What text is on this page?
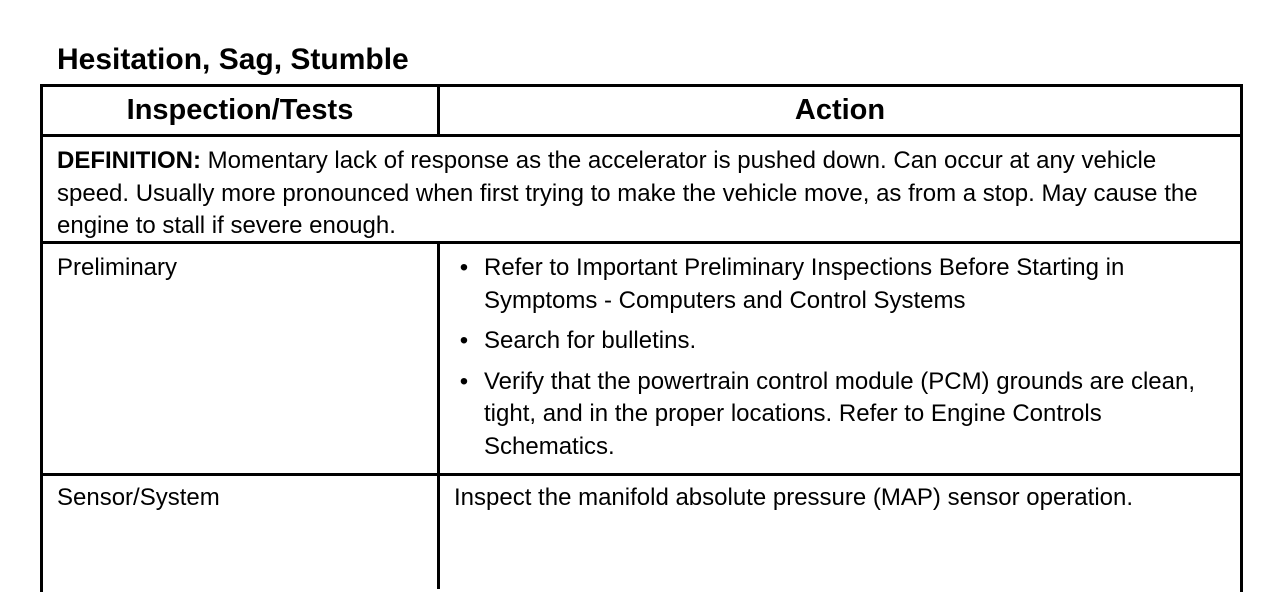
Hesitation, Sag, Stumble
Inspection/Tests	Action
DEFINITION: Momentary lack of response as the accelerator is pushed down. Can occur at any vehicle speed. Usually more pronounced when first trying to make the vehicle move, as from a stop. May cause the engine to stall if severe enough.
Preliminary	• Refer to Important Preliminary Inspections Before Starting in Symptoms - Computers and Control Systems
• Search for bulletins.
• Verify that the powertrain control module (PCM) grounds are clean, tight, and in the proper locations. Refer to Engine Controls Schematics.
Sensor/System	Inspect the manifold absolute pressure (MAP) sensor operation.
